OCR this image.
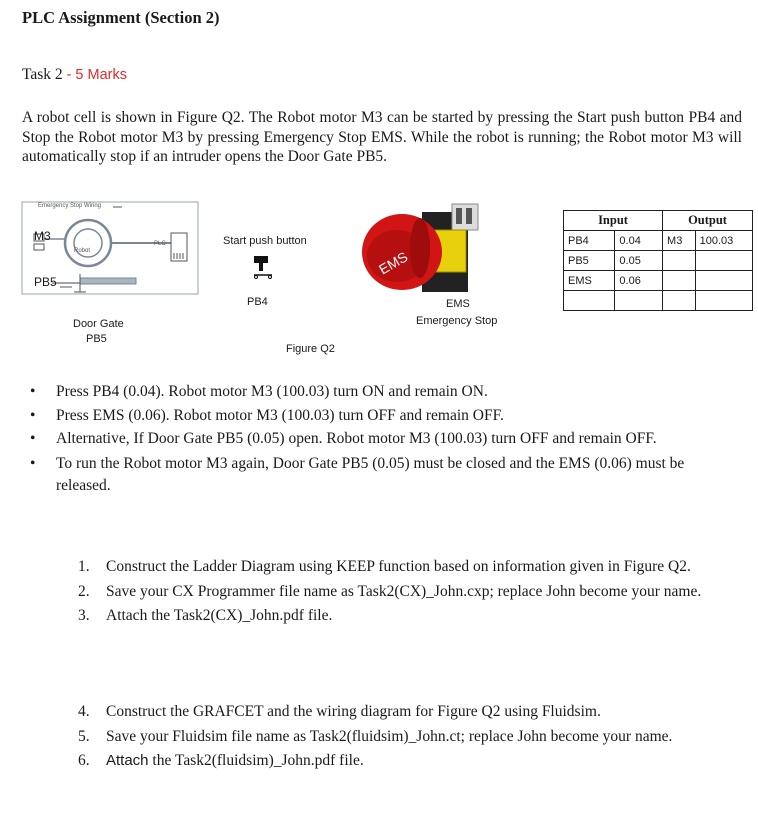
PLC Assignment (Section 2)
Task 2 - 5 Marks
A robot cell is shown in Figure Q2. The Robot motor M3 can be started by pressing the Start push button PB4 and Stop the Robot motor M3 by pressing Emergency Stop EMS. While the robot is running; the Robot motor M3 will automatically stop if an intruder opens the Door Gate PB5.
Emergency Stop Wiring
M3
Robot
PLC
PB5
Door Gate
PB5
Start push button
PB4
EMS
EMS
Emergency Stop
Figure Q2
Input		Output	
PB4	0.04	M3	100.03
PB5	0.05		
EMS	0.06		

• Press PB4 (0.04). Robot motor M3 (100.03) turn ON and remain ON.
• Press EMS (0.06). Robot motor M3 (100.03) turn OFF and remain OFF.
• Alternative, If Door Gate PB5 (0.05) open. Robot motor M3 (100.03) turn OFF and remain OFF.
• To run the Robot motor M3 again, Door Gate PB5 (0.05) must be closed and the EMS (0.06) must be released.
1. Construct the Ladder Diagram using KEEP function based on information given in Figure Q2.
2. Save your CX Programmer file name as Task2(CX)_John.cxp; replace John become your name.
3. Attach the Task2(CX)_John.pdf file.
4. Construct the GRAFCET and the wiring diagram for Figure Q2 using Fluidsim.
5. Save your Fluidsim file name as Task2(fluidsim)_John.ct; replace John become your name.
6. Attach the Task2(fluidsim)_John.pdf file.
